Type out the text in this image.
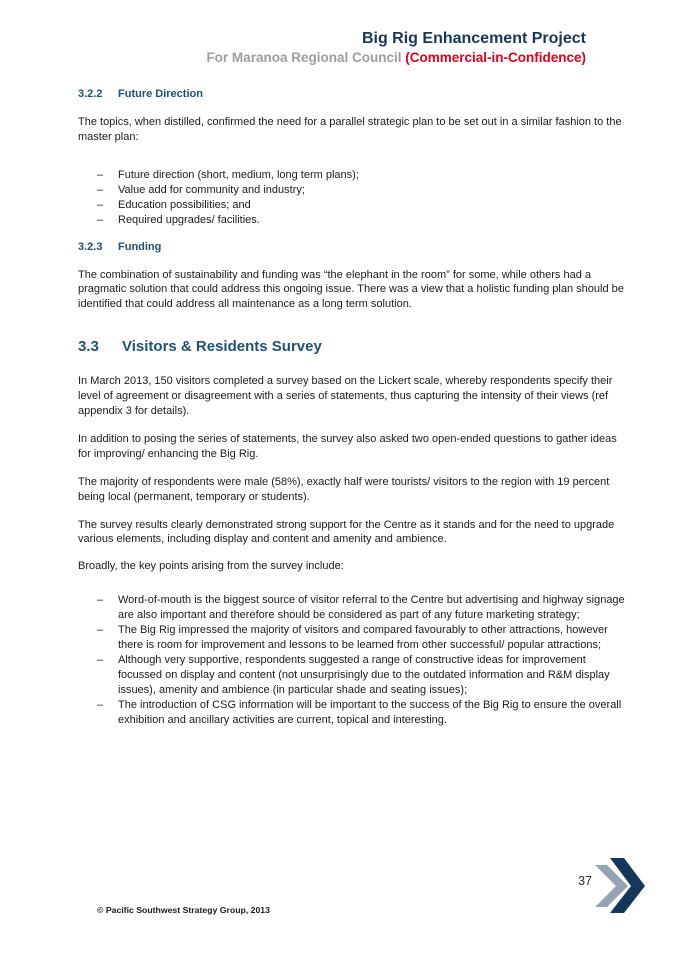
Big Rig Enhancement Project
For Maranoa Regional Council (Commercial-in-Confidence)
3.2.2	Future Direction

The topics, when distilled, confirmed the need for a parallel strategic plan to be set out in a similar fashion to the master plan:

–	Future direction (short, medium, long term plans);
–	Value add for community and industry;
–	Education possibilities; and
–	Required upgrades/ facilities.
3.2.3	Funding

The combination of sustainability and funding was “the elephant in the room” for some, while others had a pragmatic solution that could address this ongoing issue. There was a view that a holistic funding plan should be identified that could address all maintenance as a long term solution.

3.3	Visitors & Residents Survey

In March 2013, 150 visitors completed a survey based on the Lickert scale, whereby respondents specify their level of agreement or disagreement with a series of statements, thus capturing the intensity of their views (ref appendix 3 for details).

In addition to posing the series of statements, the survey also asked two open-ended questions to gather ideas for improving/ enhancing the Big Rig.

The majority of respondents were male (58%), exactly half were tourists/ visitors to the region with 19 percent being local (permanent, temporary or students).

The survey results clearly demonstrated strong support for the Centre as it stands and for the need to upgrade various elements, including display and content and amenity and ambience.

Broadly, the key points arising from the survey include:

–	Word-of-mouth is the biggest source of visitor referral to the Centre but advertising and highway signage are also important and therefore should be considered as part of any future marketing strategy;
–	The Big Rig impressed the majority of visitors and compared favourably to other attractions, however there is room for improvement and lessons to be learned from other successful/ popular attractions;
–	Although very supportive, respondents suggested a range of constructive ideas for improvement focussed on display and content (not unsurprisingly due to the outdated information and R&M display issues), amenity and ambience (in particular shade and seating issues);
–	The introduction of CSG information will be important to the success of the Big Rig to ensure the overall exhibition and ancillary activities are current, topical and interesting.
37
© Pacific Southwest Strategy Group, 2013
